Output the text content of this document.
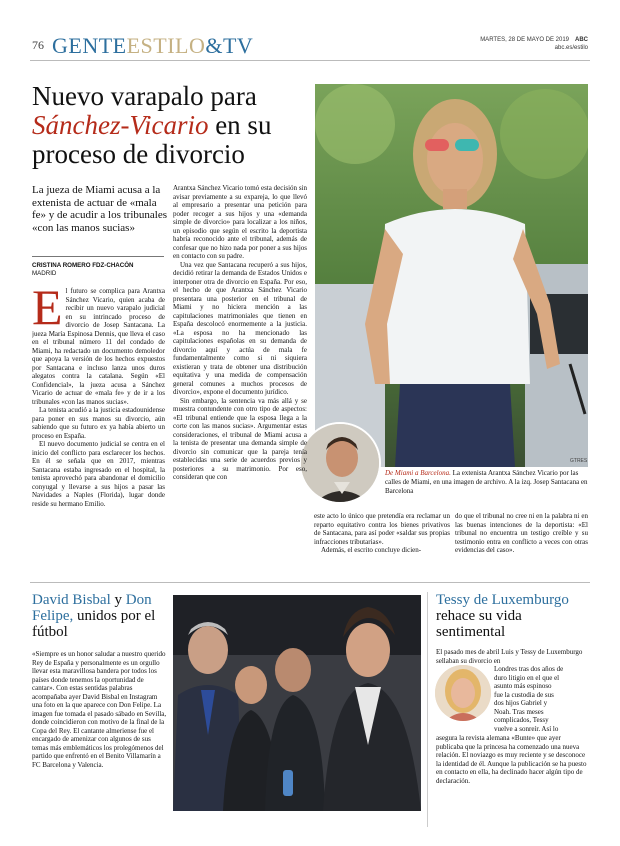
76 GENTEESTILO&TV	MARTES, 28 DE MAYO DE 2019 ABC
abc.es/estilo
Nuevo varapalo para Sánchez-Vicario en su proceso de divorcio
GTRES
De Miami a Barcelona. La extenista Arantxa Sánchez Vicario por las calles de Miami, en una imagen de archivo. A la izq. Josep Santacana en Barcelona
La jueza de Miami acusa a la extenista de actuar de «mala fe» y de acudir a los tribunales «con las manos sucias»
CRISTINA ROMERO FDZ-CHACÓN
MADRID

El futuro se complica para Arantxa Sánchez Vicario, quien acaba de recibir un nuevo varapalo judicial en su intrincado proceso de divorcio de Josep Santacana. La jueza María Espinosa Dennis, que lleva el caso en el tribunal número 11 del condado de Miami, ha redactado un documento demoledor que apoya la versión de los hechos expuestos por Santacana e incluso lanza unos duros alegatos contra la catalana. Según «El Confidencial», la jueza acusa a Sánchez Vicario de actuar de «mala fe» y de ir a los tribunales «con las manos sucias».

La tenista acudió a la justicia estadounidense para poner en sus manos su divorcio, aún sabiendo que su futuro ex ya había abierto un proceso en España.

El nuevo documento judicial se centra en el inicio del conflicto para esclarecer los hechos. En él se señala que en 2017, mientras Santacana estaba ingresado en el hospital, la tenista aprovechó para abandonar el domicilio conyugal y llevarse a sus hijos a pasar las Navidades a Naples (Florida), lugar donde reside su hermano Emilio.

Arantxa Sánchez Vicario tomó esta decisión sin avisar previamente a su expareja, lo que llevó al empresario a presentar una petición para poder recoger a sus hijos y una «demanda simple de divorcio» para localizar a los niños, un episodio que según el escrito la deportista habría reconocido ante el tribunal, además de confesar que no hizo nada por poner a sus hijos en contacto con su padre.

Una vez que Santacana recuperó a sus hijos, decidió retirar la demanda de Estados Unidos e interponer otra de divorcio en España. Por eso, el hecho de que Arantxa Sánchez Vicario presentara una posterior en el tribunal de Miami y no hiciera mención a las capitulaciones matrimoniales que tienen en España descolocó enormemente a la justicia. «La esposa no ha mencionado las capitulaciones españolas en su demanda de divorcio aquí y actúa de mala fe fundamentalmente como si ni siquiera existieran y trata de obtener una distribución equitativa y una medida de compensación general comunes a muchos procesos de divorcio», expone el documento jurídico.

Sin embargo, la sentencia va más allá y se muestra contundente con otro tipo de aspectos: «El tribunal entiende que la esposa llega a la corte con las manos sucias». Argumentar estas consideraciones, el tribunal de Miami acusa a la tenista de presentar una demanda simple de divorcio sin comunicar que la pareja tenía establecidas una serie de acuerdos previos y posteriores a su matrimonio. Por eso, consideran que con

este acto lo único que pretendía era reclamar un reparto equitativo contra los bienes privativos de Santacana, para así poder «saldar sus propias infracciones tributarias».

Además, el escrito concluye dicien-

do que el tribunal no cree ni en la palabra ni en las buenas intenciones de la deportista: «El tribunal no encuentra un testigo creíble y su testimonio entra en conflicto a veces con otras evidencias del caso».

David Bisbal y Don Felipe, unidos por el fútbol

«Siempre es un honor saludar a nuestro querido Rey de España y personalmente es un orgullo llevar esta maravillosa bandera por todos los países donde tenemos la oportunidad de cantar». Con estas sentidas palabras acompañaba ayer David Bisbal en Instagram una foto en la que aparece con Don Felipe. La imagen fue tomada el pasado sábado en Sevilla, donde coincidieron con motivo de la final de la Copa del Rey. El cantante almeriense fue el encargado de amenizar con algunos de sus temas más emblemáticos los prolegómenos del partido que enfrentó en el Benito Villamarín a FC Barcelona y Valencia.

Tessy de Luxemburgo
rehace su vida sentimental

El pasado mes de abril Luis y Tessy de Luxemburgo sellaban su divorcio en

Londres tras dos años de
duro litigio en el que el
asunto más espinoso
fue la custodia de sus
dos hijos Gabriel y
Noah. Tras meses
complicados, Tessy
vuelve a sonreír. Así lo

asegura la revista alemana «Bunte» que ayer publicaba que la princesa ha comenzado una nueva relación. El noviazgo es muy reciente y se desconoce la identidad de él. Aunque la publicación se ha puesto en contacto en ella, ha declinado hacer algún tipo de declaración.
